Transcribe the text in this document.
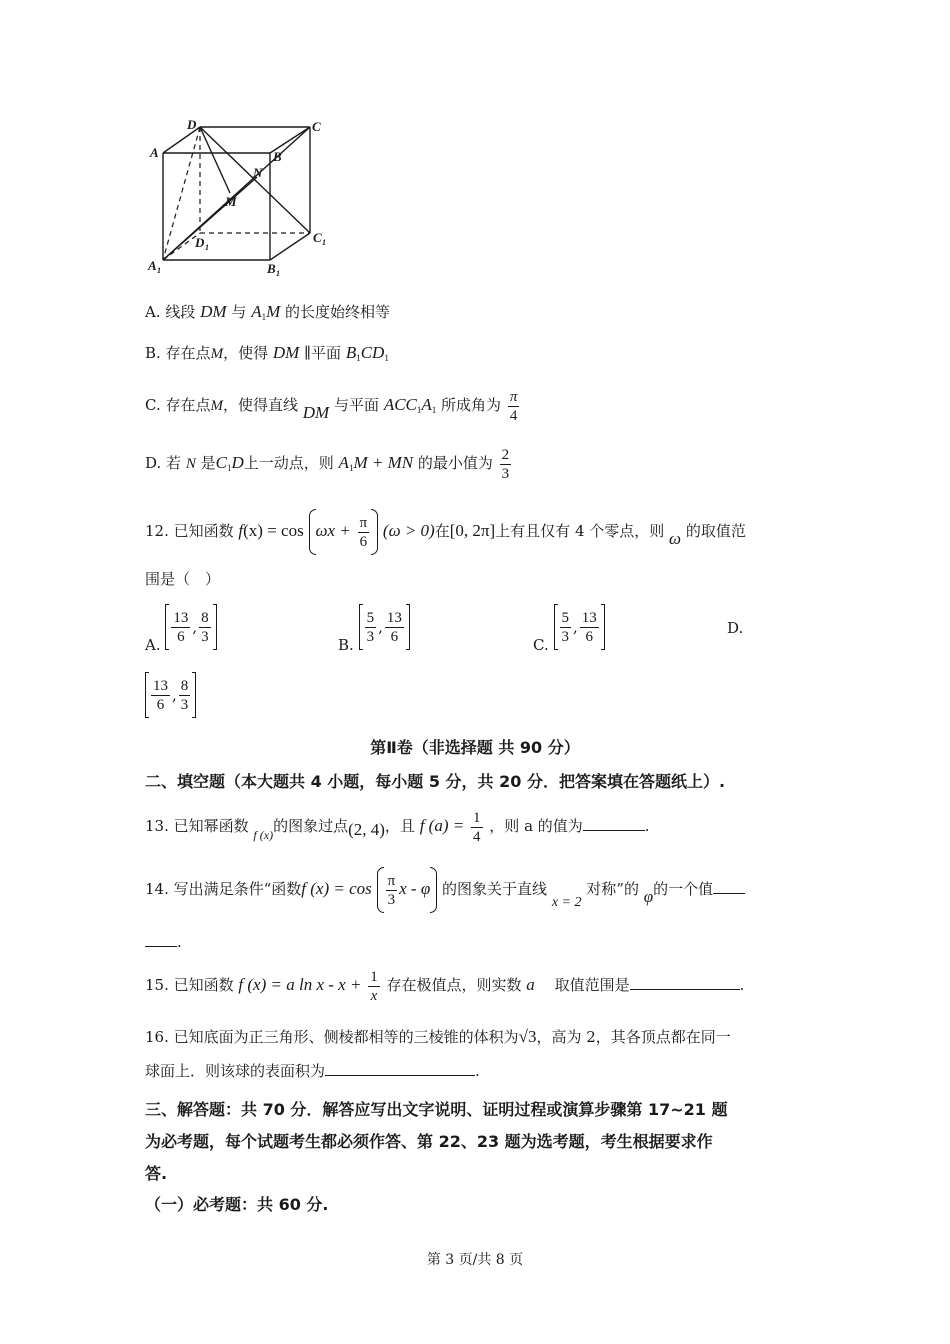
D	C
A	B
N
M
D	C
A	B
1
1
1	1
A. 线段 DM 与 $A_1M$ 的长度始终相等
B. 存在点M，使得 DM ∥平面 $B_1CD_1$
C. 存在点M，使得直线 DM 与平面 $ACC_1A_1$ 所成角为 $\frac{\pi}{4}$
D. 若 N 是$C_1D$上一动点，则 $A_1M$ + MN 的最小值为 $\frac{2}{3}$
12. 已知函数 $f(x) = \cos \omega x + \frac{\pi}{6} (\omega > 0)$在[0, 2π]上有且仅有 4 个零点，则 ω 的取值范
围是（　）
A. $\frac{13}{6}$ , $\frac{8}{3}$	B. $\frac{5}{3}$ , $\frac{13}{6}$	C. $\frac{5}{3}$ , $\frac{13}{6}$	D.
$\frac{13}{6}$ , $\frac{8}{3}$
第Ⅱ卷（非选择题 共 90 分）
二、填空题（本大题共 4 小题，每小题 5 分，共 20 分．把答案填在答题纸上）.
13. 已知幂函数 $_{f (x)}$的图象过点(2, 4)，且 f $(a) = \frac{1}{4}$ ，则 a 的值为	.
14. 写出满足条件“函数f $(x) = \cos \frac{\pi}{3}$ x - φ 的图象关于直线 x = 2 对称”的 φ的一个值
.
15. 已知函数 f (x) = a $\ln x - x + \frac{1}{x}$ 存在极值点，则实数 a   取值范围是	.
16. 已知底面为正三角形、侧棱都相等的三棱锥的体积为√3，高为 2，其各顶点都在同一
球面上．则该球的表面积为	.
三、解答题：共 70 分．解答应写出文字说明、证明过程或演算步骤第 17~21 题
为必考题，每个试题考生都必须作答、第 22、23 题为选考题，考生根据要求作
答.
（一）必考题：共 60 分.
第 3 页/共 8 页
